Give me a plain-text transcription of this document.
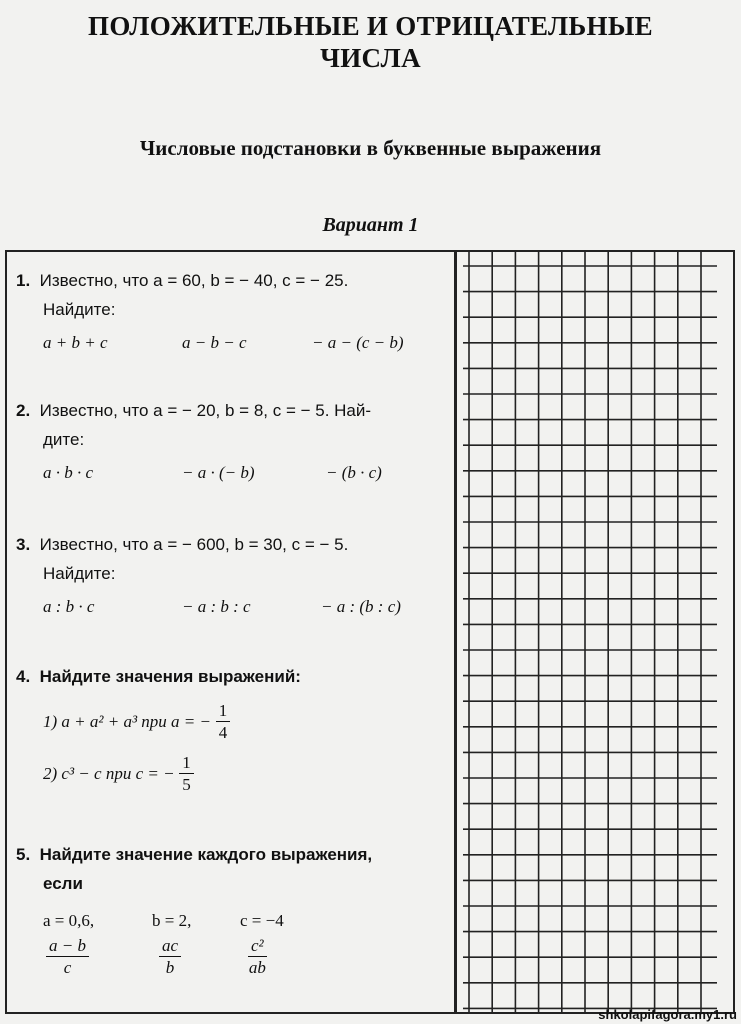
ПОЛОЖИТЕЛЬНЫЕ И ОТРИЦАТЕЛЬНЫЕ
ЧИСЛА
Числовые подстановки в буквенные выражения
Вариант 1
1. Известно, что a = 60, b = − 40, c = − 25.
Найдите:
a + b + c	a − b − c	− a − (c − b)
2. Известно, что a = − 20, b = 8, c = − 5. Най-
дите:
a · b · c	− a · (− b)	− (b · c)
3. Известно, что a = − 600, b = 30, c = − 5.
Найдите:
a : b · c	− a : b : c	− a : (b : c)
4. Найдите значения выражений:
1) a + a² + a³ при a = − $\frac{1}{4}$
2) c³ − c при c = − $\frac{1}{5}$
5. Найдите значение каждого выражения,
если
a = 0,6,	b = 2,	c = −4
$\frac{a - b}{c}$	$\frac{ac}{b}$	$\frac{\text{c²}}{ab}$
shkolapifagora.my1.ru
